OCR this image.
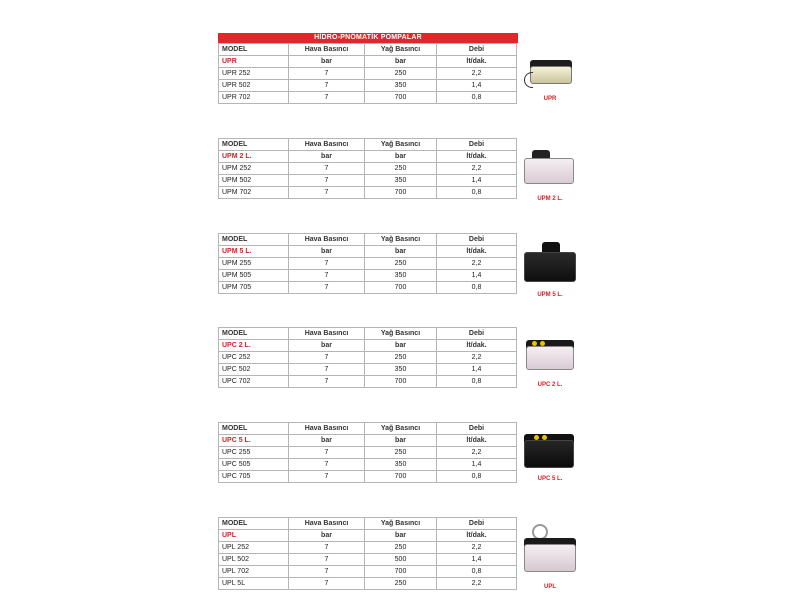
HİDRO-PNÖMATİK POMPALAR
MODEL	Hava Basıncı	Yağ Basıncı	Debi
UPR	bar	bar	lt/dak.
UPR 252	7	250	2,2
UPR 502	7	350	1,4
UPR 702	7	700	0,8
MODEL	Hava Basıncı	Yağ Basıncı	Debi
UPM 2 L.	bar	bar	lt/dak.
UPM 252	7	250	2,2
UPM 502	7	350	1,4
UPM 702	7	700	0,8
MODEL	Hava Basıncı	Yağ Basıncı	Debi
UPM 5 L.	bar	bar	lt/dak.
UPM 255	7	250	2,2
UPM 505	7	350	1,4
UPM 705	7	700	0,8
MODEL	Hava Basıncı	Yağ Basıncı	Debi
UPC 2 L.	bar	bar	lt/dak.
UPC 252	7	250	2,2
UPC 502	7	350	1,4
UPC 702	7	700	0,8
MODEL	Hava Basıncı	Yağ Basıncı	Debi
UPC 5 L.	bar	bar	lt/dak.
UPC 255	7	250	2,2
UPC 505	7	350	1,4
UPC 705	7	700	0,8
MODEL	Hava Basıncı	Yağ Basıncı	Debi
UPL	bar	bar	lt/dak.
UPL 252	7	250	2,2
UPL 502	7	500	1,4
UPL 702	7	700	0,8
UPL 5L	7	250	2,2
UPR
UPM 2 L.
UPM 5 L.
UPC 2 L.
UPC 5 L.
UPL
